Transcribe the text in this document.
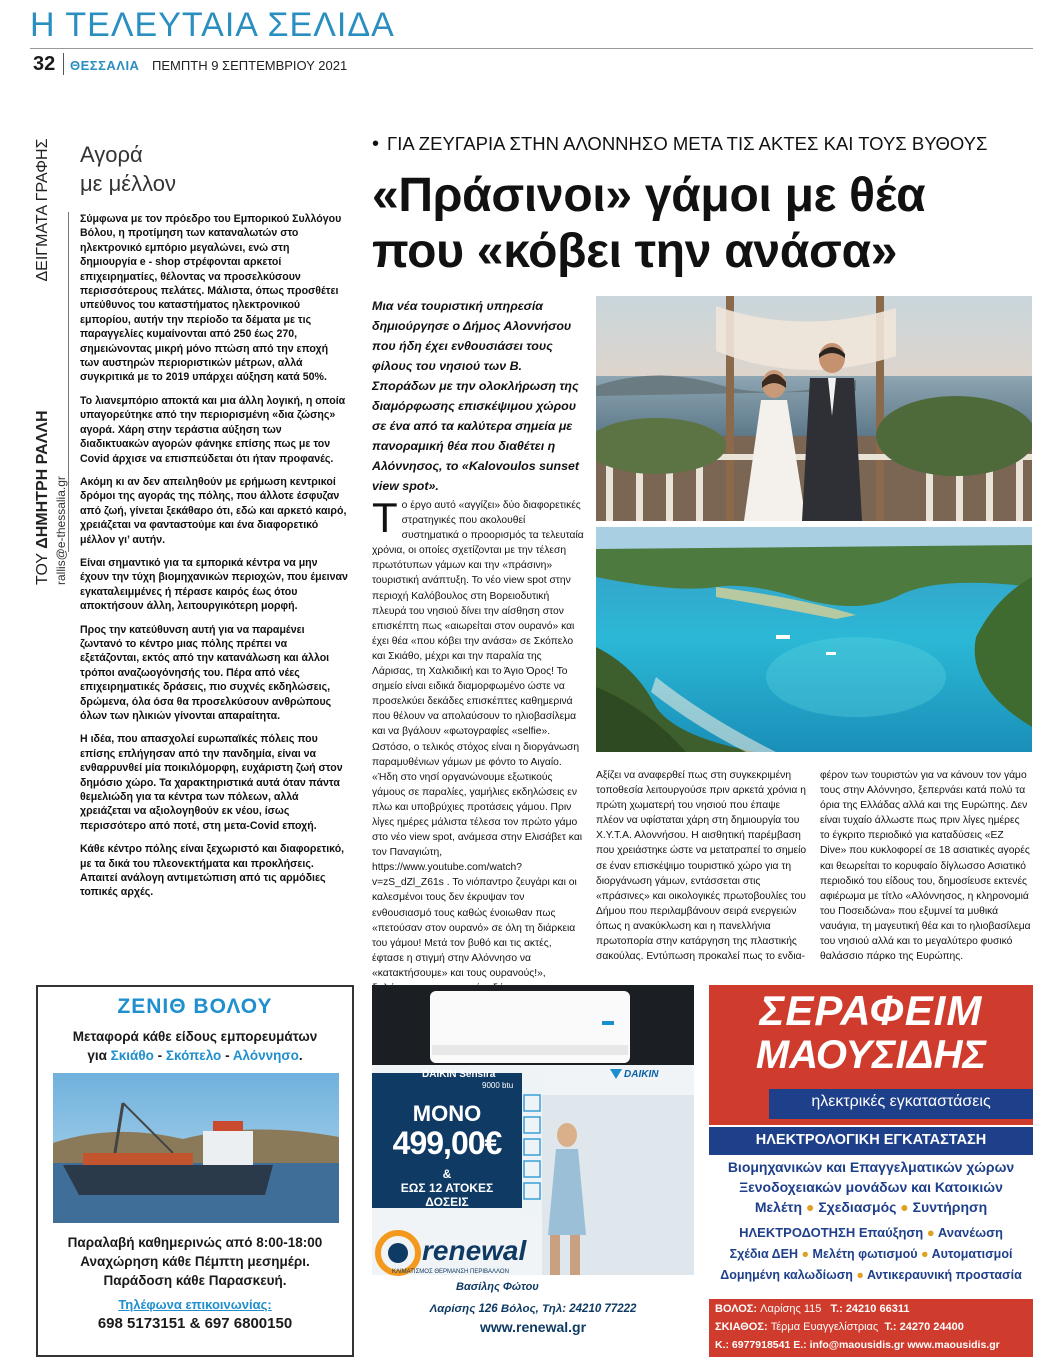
Η ΤΕΛΕΥΤΑΙΑ ΣΕΛΙΔΑ
32 ΘΕΣΣΑΛΙΑ ΠΕΜΠΤΗ 9 ΣΕΠΤΕΜΒΡΙΟΥ 2021
Αγορά
με μέλλον
ΤΟΥ ΔΗΜΗΤΡΗ ΡΑΛΛΗ                             ΔΕΙΓΜΑΤΑ ΓΡΑΦΗΣ
rallis@e-thessalia.gr

Σύμφωνα με τον πρόεδρο του Εμπορικού Συλλόγου Βόλου, η προτίμηση των καταναλωτών στο ηλεκτρονικό εμπόριο μεγαλώνει, ενώ στη δημιουργία e - shop στρέφονται αρκετοί επιχειρηματίες, θέλοντας να προσελκύσουν περισσότερους πελάτες. Μάλιστα, όπως προσθέτει υπεύθυνος του καταστήματος ηλεκτρονικού εμπορίου, αυτήν την περίοδο τα δέματα με τις παραγγελίες κυμαίνονται από 250 έως 270, σημειώνοντας μικρή μόνο πτώση από την εποχή των αυστηρών περιοριστικών μέτρων, αλλά συγκριτικά με το 2019 υπάρχει αύξηση κατά 50%.

Το λιανεμπόριο αποκτά και μια άλλη λογική, η οποία υπαγορεύτηκε από την περιορισμένη «δια ζώσης» αγορά. Χάρη στην τεράστια αύξηση των διαδικτυακών αγορών φάνηκε επίσης πως με τον Covid άρχισε να επισπεύδεται ότι ήταν προφανές.

Ακόμη κι αν δεν απειληθούν με ερήμωση κεντρικοί δρόμοι της αγοράς της πόλης, που άλλοτε έσφυζαν από ζωή, γίνεται ξεκάθαρο ότι, εδώ και αρκετό καιρό, χρειάζεται να φανταστούμε και ένα διαφορετικό μέλλον γι’ αυτήν.

Είναι σημαντικό για τα εμπορικά κέντρα να μην έχουν την τύχη βιομηχανικών περιοχών, που έμειναν εγκαταλειμμένες ή πέρασε καιρός έως ότου αποκτήσουν άλλη, λειτουργικότερη μορφή.

Προς την κατεύθυνση αυτή για να παραμένει ζωντανό το κέντρο μιας πόλης πρέπει να εξετάζονται, εκτός από την κατανάλωση και άλλοι τρόποι αναζωογόνησής του. Πέρα από νέες επιχειρηματικές δράσεις, πιο συχνές εκδηλώσεις, δρώμενα, όλα όσα θα προσελκύσουν ανθρώπους όλων των ηλικιών γίνονται απαραίτητα.

Η ιδέα, που απασχολεί ευρωπαϊκές πόλεις που επίσης επλήγησαν από την πανδημία, είναι να ενθαρρυνθεί μία ποικιλόμορφη, ευχάριστη ζωή στον δημόσιο χώρο. Τα χαρακτηριστικά αυτά όταν πάντα θεμελιώδη για τα κέντρα των πόλεων, αλλά χρειάζεται να αξιολογηθούν εκ νέου, ίσως περισσότερο από ποτέ, στη μετα-Covid εποχή.

Κάθε κέντρο πόλης είναι ξεχωριστό και διαφορετικό, με τα δικά του πλεονεκτήματα και προκλήσεις. Απαιτεί ανάλογη αντιμετώπιση από τις αρμόδιες τοπικές αρχές.

• ΓΙΑ ΖΕΥΓΑΡΙΑ ΣΤΗΝ ΑΛΟΝΝΗΣΟ ΜΕΤΑ ΤΙΣ ΑΚΤΕΣ ΚΑΙ ΤΟΥΣ ΒΥΘΟΥΣ
«Πράσινοι» γάμοι με θέα
που «κόβει την ανάσα»
Μια νέα τουριστική υπηρεσία δημιούργησε ο Δήμος Αλοννήσου που ήδη έχει ενθουσιάσει τους φίλους του νησιού των Β. Σποράδων με την ολοκλήρωση της διαμόρφωσης επισκέψιμου χώρου σε ένα από τα καλύτερα σημεία με πανοραμική θέα που διαθέτει η Αλόννησος, το «Kalovoulos sunset view spot».
Το έργο αυτό «αγγίζει» δύο διαφορετικές στρατηγικές που ακολουθεί συστηματικά ο προορισμός τα τελευταία χρόνια, οι οποίες σχετίζονται με την τέλεση πρωτότυπων γάμων και την «πράσινη» τουριστική ανάπτυξη. Το νέο view spot στην περιοχή Καλόβουλος στη Βορειοδυτική πλευρά του νησιού δίνει την αίσθηση στον επισκέπτη πως «αιωρείται στον ουρανό» και έχει θέα «που κόβει την ανάσα» σε Σκόπελο και Σκιάθο, μέχρι και την παραλία της Λάρισας, τη Χαλκιδική και το Άγιο Όρος! Το σημείο είναι ειδικά διαμορφωμένο ώστε να προσελκύει δεκάδες επισκέπτες καθημερινά που θέλουν να απολαύσουν το ηλιοβασίλεμα και να βγάλουν «φωτογραφίες «selfie». Ωστόσο, ο τελικός στόχος είναι η διοργάνωση παραμυθένιων γάμων με φόντο το Αιγαίο. «Ήδη στο νησί οργανώνουμε εξωτικούς γάμους σε παραλίες, γαμήλιες εκδηλώσεις εν πλω και υποβρύχιες προτάσεις γάμου. Πριν λίγες ημέρες μάλιστα τέλεσα τον πρώτο γάμο στο νέο view spot, ανάμεσα στην Ελισάβετ και τον Παναγιώτη, https://www.youtube.com/watch?v=zS_dZl_Z61s . Το νιόπαντρο ζευγάρι και οι καλεσμένοι τους δεν έκρυψαν τον ενθουσιασμό τους καθώς ένοιωθαν πως «πετούσαν στον ουρανό» σε όλη τη διάρκεια του γάμου! Μετά τον βυθό και τις ακτές, έφτασε η στιγμή στην Αλόννησο να «κατακτήσουμε» και τους ουρανούς!»,
Αξίζει να αναφερθεί πως στη συγκεκριμένη τοποθεσία λειτουργούσε πριν αρκετά χρόνια η πρώτη χωματερή του νησιού που έπαψε πλέον να υφίσταται χάρη στη δημιουργία του Χ.Υ.Τ.Α. Αλοννήσου. Η αισθητική παρέμβαση που χρειάστηκε ώστε να μετατραπεί το σημείο σε έναν επισκέψιμο τουριστικό χώρο για τη διοργάνωση γάμων, εντάσσεται στις «πράσινες» και οικολογικές πρωτοβουλίες του Δήμου που περιλαμβάνουν σειρά ενεργειών όπως η ανακύκλωση και η πανελλήνια πρωτοπορία στην κατάργηση της πλαστικής σακούλας. Εντύπωση προκαλεί πως το ενδια-
φέρον των τουριστών για να κάνουν τον γάμο τους στην Αλόννησο, ξεπερνάει κατά πολύ τα όρια της Ελλάδας αλλά και της Ευρώπης. Δεν είναι τυχαίο άλλωστε πως πριν λίγες ημέρες το έγκριτο περιοδικό για καταδύσεις «EZ Dive» που κυκλοφορεί σε 18 ασιατικές αγορές και θεωρείται το κορυφαίο δίγλωσσο Ασιατικό περιοδικό του είδους του, δημοσίευσε εκτενές αφιέρωμα με τίτλο «Αλόννησος, η κληρονομιά του Ποσειδώνα» που εξυμνεί τα μυθικά ναυάγια, τη μαγευτική θέα και το ηλιοβασίλεμα του νησιού αλλά και το μεγαλύτερο φυσικό θαλάσσιο πάρκο της Ευρώπης.
ΖΕΝΙΘ ΒΟΛΟΥ
Μεταφορά κάθε είδους εμπορευμάτων
για Σκιάθο - Σκόπελο - Αλόννησο.
Παραλαβή καθημερινώς από 8:00-18:00
Αναχώρηση κάθε Πέμπτη μεσημέρι.
Παράδοση κάθε Παρασκευή.
Τηλέφωνα επικοινωνίας:
698 5173151 & 697 6800150
DAIKIN Sensira
9000 btu
DAIKIN
ΜΟΝΟ
499,00€
&
ΕΩΣ 12 ΑΤΟΚΕΣ
ΔΟΣΕΙΣ
renewal
ΚΛΙΜΑΤΙΣΜΟΣ ΘΕΡΜΑΝΣΗ ΠΕΡΙΒΑΛΛΟΝ
Βασίλης Φώτου
Λαρίσης 126 Βόλος, Τηλ: 24210 77222
www.renewal.gr
ΣΕΡΑΦΕΙΜ
ΜΑΟΥΣΙΔΗΣ
ηλεκτρικές εγκαταστάσεις
ΗΛΕΚΤΡΟΛΟΓΙΚΗ ΕΓΚΑΤΑΣΤΑΣΗ
Βιομηχανικών και Επαγγελματικών χώρων
Ξενοδοχειακών μονάδων και Κατοικιών
Μελέτη ● Σχεδιασμός ● Συντήρηση
ΗΛΕΚΤΡΟΔΟΤΗΣΗ Επαύξηση ● Ανανέωση
Σχέδια ΔΕΗ ● Μελέτη φωτισμού ● Αυτοματισμοί
Δομημένη καλωδίωση ● Αντικεραυνική προστασία
ΒΟΛΟΣ: Λαρίσης 115 Τ.: 24210 66311
ΣΚΙΑΘΟΣ: Τέρμα Ευαγγελίστριας Τ.: 24270 24400
Κ.: 6977918541 E.: info@maousidis.gr www.maousidis.gr
